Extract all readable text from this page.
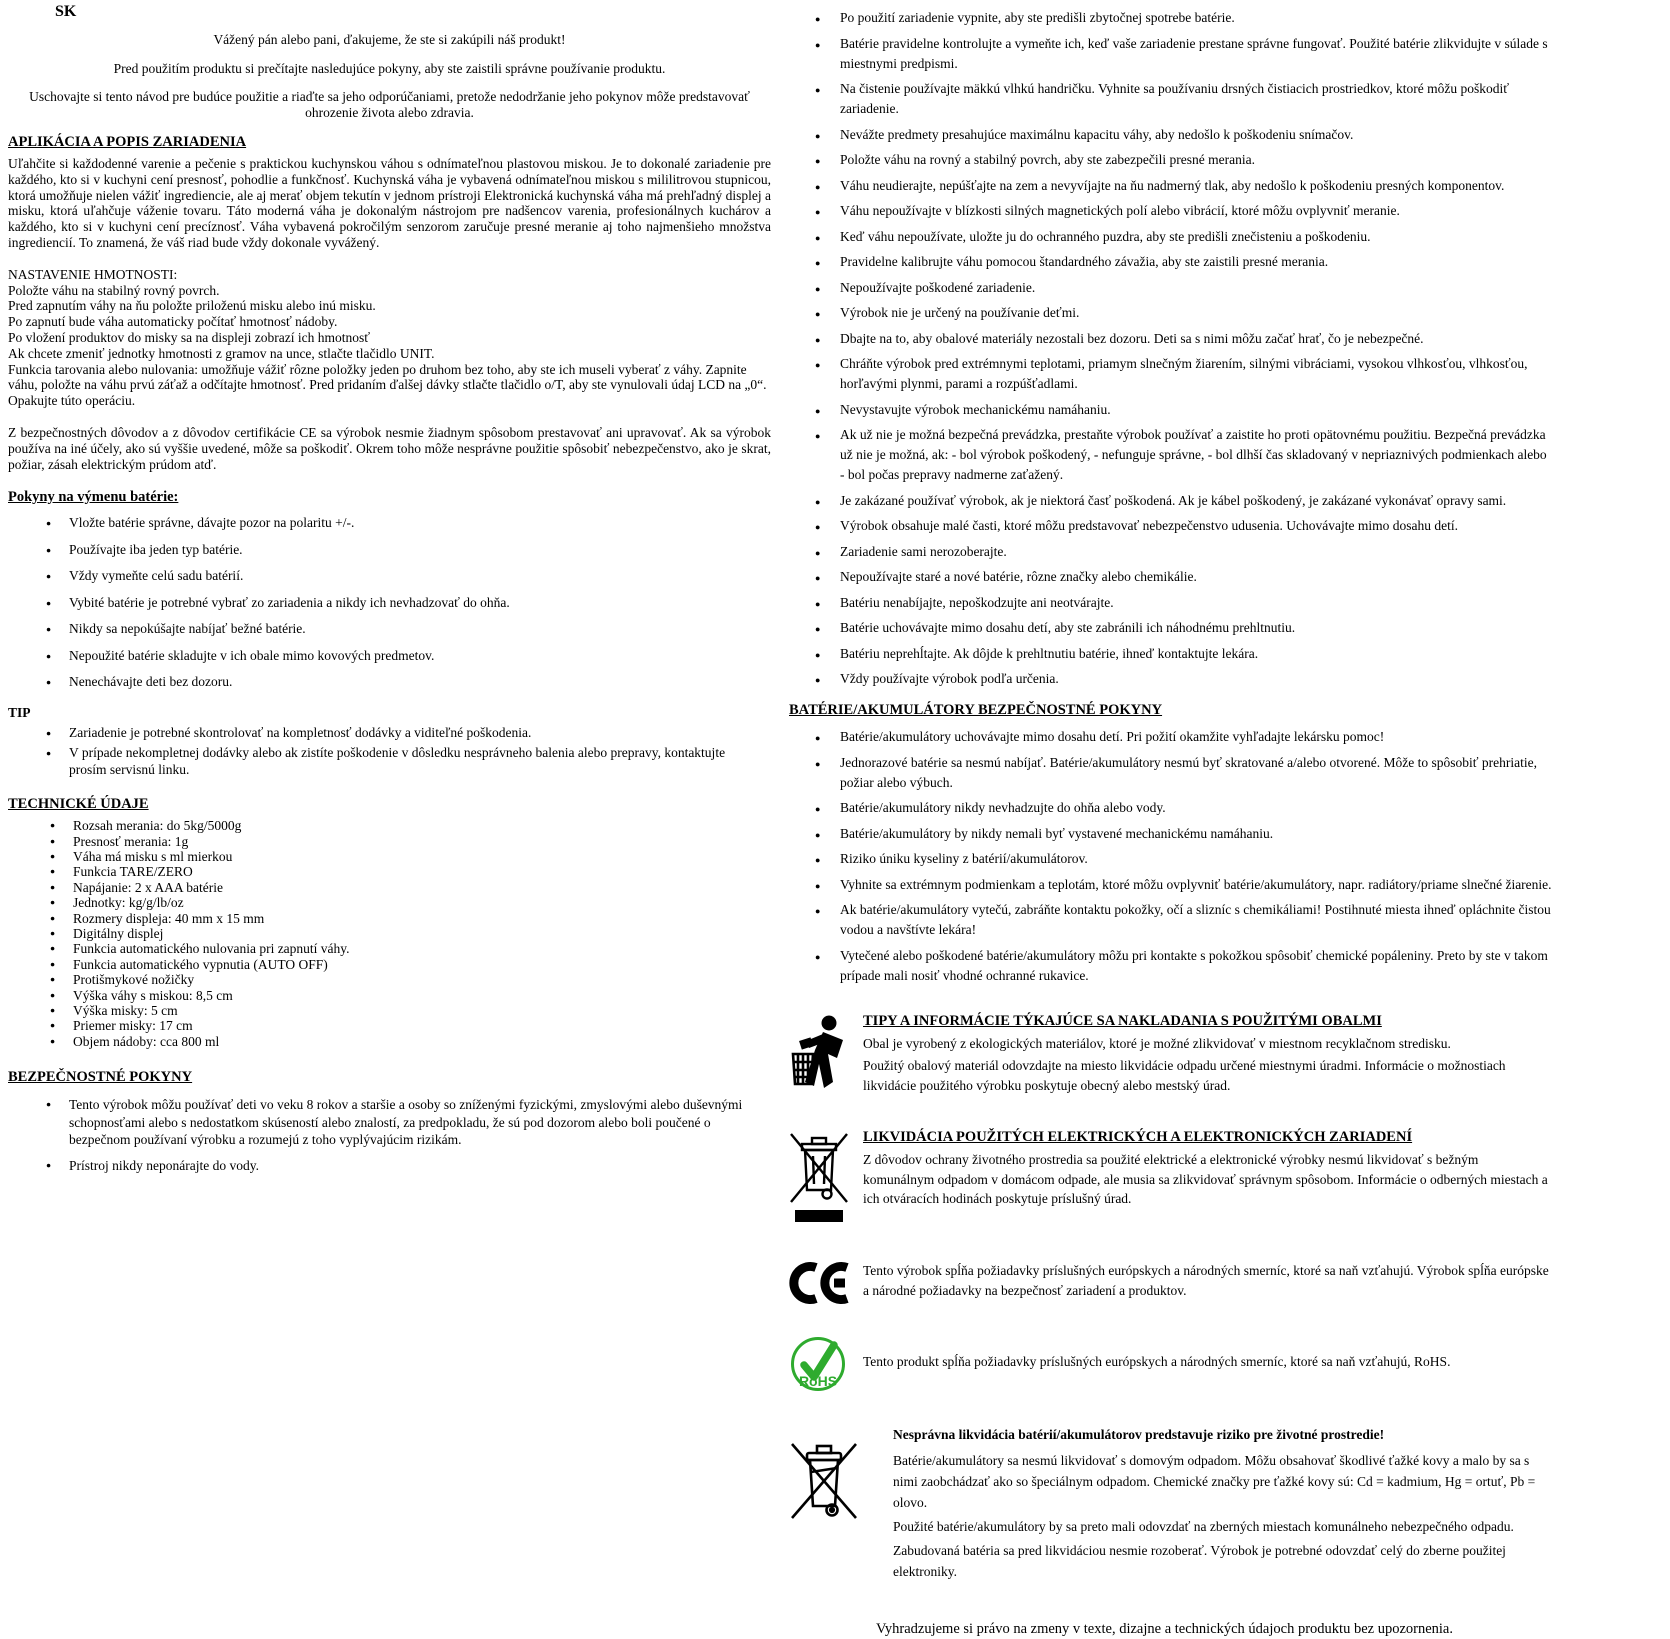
SK

Vážený pán alebo pani, ďakujeme, že ste si zakúpili náš produkt!

Pred použitím produktu si prečítajte nasledujúce pokyny, aby ste zaistili správne používanie produktu.

Uschovajte si tento návod pre budúce použitie a riaďte sa jeho odporúčaniami, pretože nedodržanie jeho pokynov môže predstavovať ohrozenie života alebo zdravia.

APLIKÁCIA A POPIS ZARIADENIA

Uľahčite si každodenné varenie a pečenie s praktickou kuchynskou váhou s odnímateľnou plastovou miskou. Je to dokonalé zariadenie pre každého, kto si v kuchyni cení presnosť, pohodlie a funkčnosť. Kuchynská váha je vybavená odnímateľnou miskou s mililitrovou stupnicou, ktorá umožňuje nielen vážiť ingrediencie, ale aj merať objem tekutín v jednom prístroji Elektronická kuchynská váha má prehľadný displej a misku, ktorá uľahčuje váženie tovaru. Táto moderná váha je dokonalým nástrojom pre nadšencov varenia, profesionálnych kuchárov a každého, kto si v kuchyni cení precíznosť. Váha vybavená pokročilým senzorom zaručuje presné meranie aj toho najmenšieho množstva ingrediencií. To znamená, že váš riad bude vždy dokonale vyvážený.

NASTAVENIE HMOTNOSTI:

Položte váhu na stabilný rovný povrch.
Pred zapnutím váhy na ňu položte priloženú misku alebo inú misku.
Po zapnutí bude váha automaticky počítať hmotnosť nádoby.
Po vložení produktov do misky sa na displeji zobrazí ich hmotnosť
Ak chcete zmeniť jednotky hmotnosti z gramov na unce, stlačte tlačidlo UNIT.
Funkcia tarovania alebo nulovania: umožňuje vážiť rôzne položky jeden po druhom bez toho, aby ste ich museli vyberať z váhy. Zapnite váhu, položte na váhu prvú záťaž a odčítajte hmotnosť. Pred pridaním ďalšej dávky stlačte tlačidlo o/T, aby ste vynulovali údaj LCD na „0“. Opakujte túto operáciu.

Z bezpečnostných dôvodov a z dôvodov certifikácie CE sa výrobok nesmie žiadnym spôsobom prestavovať ani upravovať. Ak sa výrobok používa na iné účely, ako sú vyššie uvedené, môže sa poškodiť. Okrem toho môže nesprávne použitie spôsobiť nebezpečenstvo, ako je skrat, požiar, zásah elektrickým prúdom atď.

Pokyny na výmenu batérie:
● Vložte batérie správne, dávajte pozor na polaritu +/-.
● Používajte iba jeden typ batérie.
● Vždy vymeňte celú sadu batérií.
● Vybité batérie je potrebné vybrať zo zariadenia a nikdy ich nevhadzovať do ohňa.
● Nikdy sa nepokúšajte nabíjať bežné batérie.
● Nepoužité batérie skladujte v ich obale mimo kovových predmetov.
● Nenechávajte deti bez dozoru.
TIP
● Zariadenie je potrebné skontrolovať na kompletnosť dodávky a viditeľné poškodenia.
● V prípade nekompletnej dodávky alebo ak zistíte poškodenie v dôsledku nesprávneho balenia alebo prepravy, kontaktujte prosím servisnú linku.
TECHNICKÉ ÚDAJE
● Rozsah merania: do 5kg/5000g
● Presnosť merania: 1g
● Váha má misku s ml mierkou
● Funkcia TARE/ZERO
● Napájanie: 2 x AAA batérie
● Jednotky: kg/g/lb/oz
● Rozmery displeja: 40 mm x 15 mm
● Digitálny displej
● Funkcia automatického nulovania pri zapnutí váhy.
● Funkcia automatického vypnutia (AUTO OFF)
● Protišmykové nožičky
● Výška váhy s miskou: 8,5 cm
● Výška misky: 5 cm
● Priemer misky: 17 cm
● Objem nádoby: cca 800 ml
BEZPEČNOSTNÉ POKYNY
● Tento výrobok môžu používať deti vo veku 8 rokov a staršie a osoby so zníženými fyzickými, zmyslovými alebo duševnými schopnosťami alebo s nedostatkom skúseností alebo znalostí, za predpokladu, že sú pod dozorom alebo boli poučené o bezpečnom používaní výrobku a rozumejú z toho vyplývajúcim rizikám.
● Prístroj nikdy neponárajte do vody.
● Po použití zariadenie vypnite, aby ste predišli zbytočnej spotrebe batérie.
● Batérie pravidelne kontrolujte a vymeňte ich, keď vaše zariadenie prestane správne fungovať. Použité batérie zlikvidujte v súlade s miestnymi predpismi.
● Na čistenie používajte mäkkú vlhkú handričku. Vyhnite sa používaniu drsných čistiacich prostriedkov, ktoré môžu poškodiť zariadenie.
● Nevážte predmety presahujúce maximálnu kapacitu váhy, aby nedošlo k poškodeniu snímačov.
● Položte váhu na rovný a stabilný povrch, aby ste zabezpečili presné merania.
● Váhu neudierajte, nepúšťajte na zem a nevyvíjajte na ňu nadmerný tlak, aby nedošlo k poškodeniu presných komponentov.
● Váhu nepoužívajte v blízkosti silných magnetických polí alebo vibrácií, ktoré môžu ovplyvniť meranie.
● Keď váhu nepoužívate, uložte ju do ochranného puzdra, aby ste predišli znečisteniu a poškodeniu.
● Pravidelne kalibrujte váhu pomocou štandardného závažia, aby ste zaistili presné merania.
● Nepoužívajte poškodené zariadenie.
● Výrobok nie je určený na používanie deťmi.
● Dbajte na to, aby obalové materiály nezostali bez dozoru. Deti sa s nimi môžu začať hrať, čo je nebezpečné.
● Chráňte výrobok pred extrémnymi teplotami, priamym slnečným žiarením, silnými vibráciami, vysokou vlhkosťou, vlhkosťou, horľavými plynmi, parami a rozpúšťadlami.
● Nevystavujte výrobok mechanickému namáhaniu.
● Ak už nie je možná bezpečná prevádzka, prestaňte výrobok používať a zaistite ho proti opätovnému použitiu. Bezpečná prevádzka už nie je možná, ak: - bol výrobok poškodený, - nefunguje správne, - bol dlhší čas skladovaný v nepriaznivých podmienkach alebo - bol počas prepravy nadmerne zaťažený.
● Je zakázané používať výrobok, ak je niektorá časť poškodená. Ak je kábel poškodený, je zakázané vykonávať opravy sami.
● Výrobok obsahuje malé časti, ktoré môžu predstavovať nebezpečenstvo udusenia. Uchovávajte mimo dosahu detí.
● Zariadenie sami nerozoberajte.
● Nepoužívajte staré a nové batérie, rôzne značky alebo chemikálie.
● Batériu nenabíjajte, nepoškodzujte ani neotvárajte.
● Batérie uchovávajte mimo dosahu detí, aby ste zabránili ich náhodnému prehltnutiu.
● Batériu neprehĺtajte. Ak dôjde k prehltnutiu batérie, ihneď kontaktujte lekára.
● Vždy používajte výrobok podľa určenia.
BATÉRIE/AKUMULÁTORY BEZPEČNOSTNÉ POKYNY
● Batérie/akumulátory uchovávajte mimo dosahu detí. Pri požití okamžite vyhľadajte lekársku pomoc!
● Jednorazové batérie sa nesmú nabíjať. Batérie/akumulátory nesmú byť skratované a/alebo otvorené. Môže to spôsobiť prehriatie, požiar alebo výbuch.
● Batérie/akumulátory nikdy nevhadzujte do ohňa alebo vody.
● Batérie/akumulátory by nikdy nemali byť vystavené mechanickému namáhaniu.
● Riziko úniku kyseliny z batérií/akumulátorov.
● Vyhnite sa extrémnym podmienkam a teplotám, ktoré môžu ovplyvniť batérie/akumulátory, napr. radiátory/priame slnečné žiarenie.
● Ak batérie/akumulátory vytečú, zabráňte kontaktu pokožky, očí a slizníc s chemikáliami! Postihnuté miesta ihneď opláchnite čistou vodou a navštívte lekára!
● Vytečené alebo poškodené batérie/akumulátory môžu pri kontakte s pokožkou spôsobiť chemické popáleniny. Preto by ste v takom prípade mali nosiť vhodné ochranné rukavice.
TIPY A INFORMÁCIE TÝKAJÚCE SA NAKLADANIA S POUŽITÝMI OBALMI

Obal je vyrobený z ekologických materiálov, ktoré je možné zlikvidovať v miestnom recyklačnom stredisku.

Použitý obalový materiál odovzdajte na miesto likvidácie odpadu určené miestnymi úradmi. Informácie o možnostiach likvidácie použitého výrobku poskytuje obecný alebo mestský úrad.

LIKVIDÁCIA POUŽITÝCH ELEKTRICKÝCH A ELEKTRONICKÝCH ZARIADENÍ

Z dôvodov ochrany životného prostredia sa použité elektrické a elektronické výrobky nesmú likvidovať s bežným komunálnym odpadom v domácom odpade, ale musia sa zlikvidovať správnym spôsobom. Informácie o odberných miestach a ich otváracích hodinách poskytuje príslušný úrad.

Tento výrobok spĺňa požiadavky príslušných európskych a národných smerníc, ktoré sa naň vzťahujú. Výrobok spĺňa európske a národné požiadavky na bezpečnosť zariadení a produktov.

RoHS

Tento produkt spĺňa požiadavky príslušných európskych a národných smerníc, ktoré sa naň vzťahujú, RoHS.

Nesprávna likvidácia batérií/akumulátorov predstavuje riziko pre životné prostredie!

Batérie/akumulátory sa nesmú likvidovať s domovým odpadom. Môžu obsahovať škodlivé ťažké kovy a malo by sa s nimi zaobchádzať ako so špeciálnym odpadom. Chemické značky pre ťažké kovy sú: Cd = kadmium, Hg = ortuť, Pb = olovo.

Použité batérie/akumulátory by sa preto mali odovzdať na zberných miestach komunálneho nebezpečného odpadu.

Zabudovaná batéria sa pred likvidáciou nesmie rozoberať. Výrobok je potrebné odovzdať celý do zberne použitej elektroniky.

Vyhradzujeme si právo na zmeny v texte, dizajne a technických údajoch produktu bez upozornenia.
